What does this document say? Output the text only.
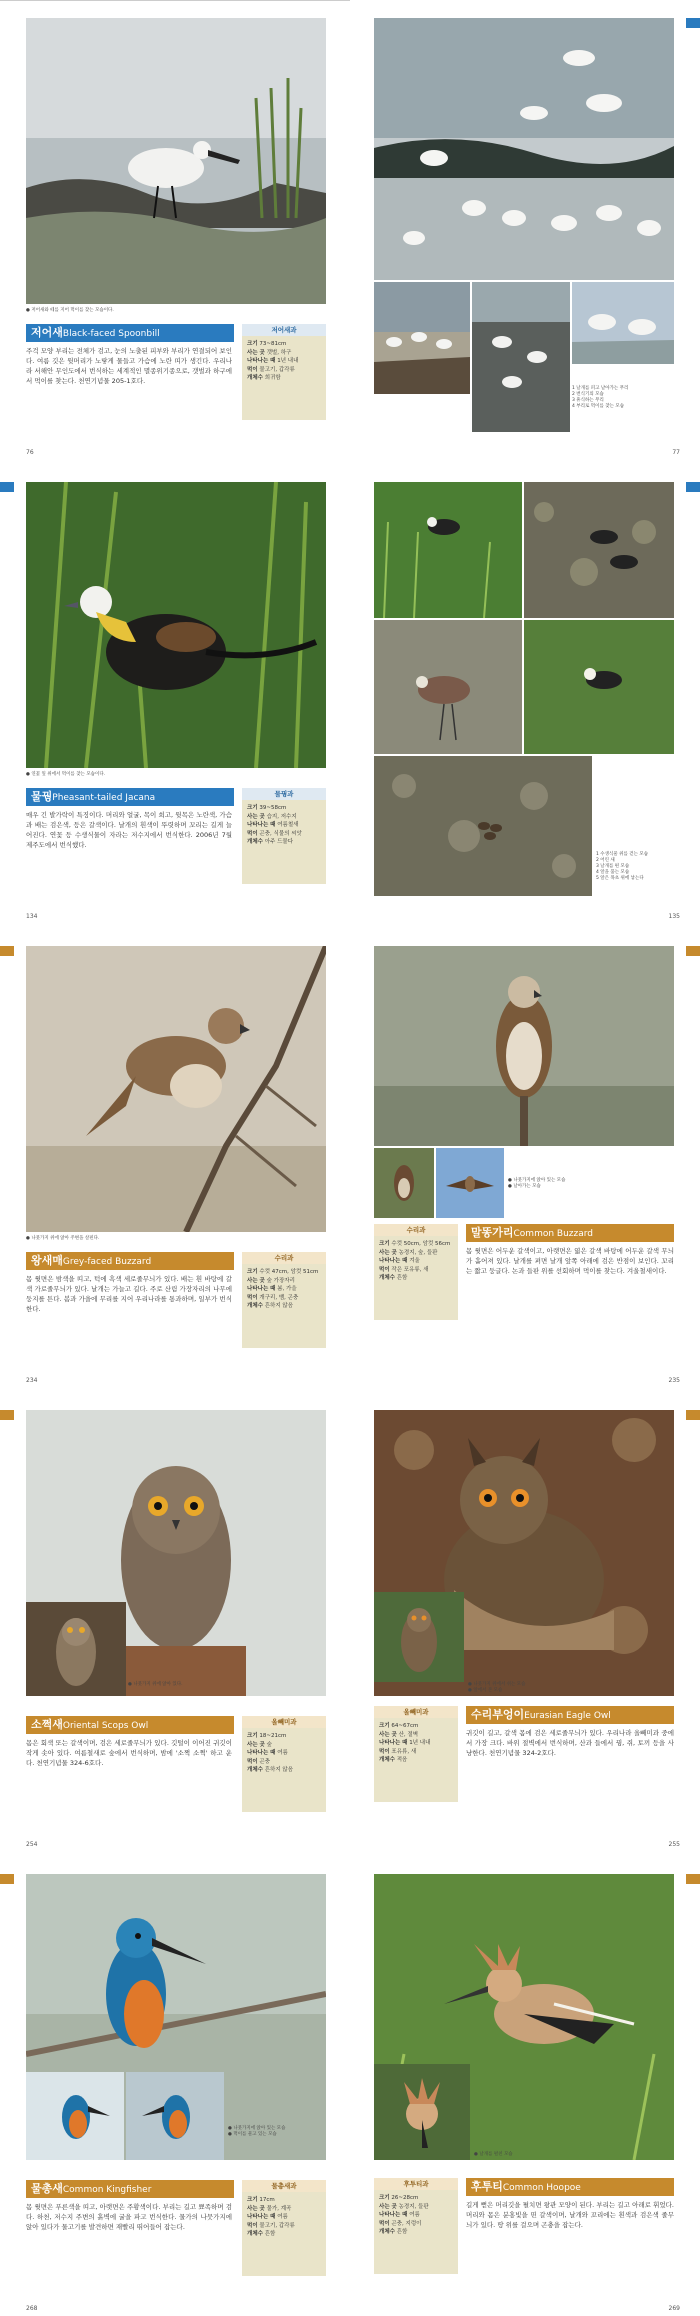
● 저어새와 떼를 지어 먹이를 찾는 모습이다.
저어새Black-faced Spoonbill
주걱 모양 부리는 전체가 검고, 눈의 노출된 피부와 부리가 연결되어 보인다. 여름 깃은 뒷머리가 노랗게 물들고 가슴에 노란 띠가 생긴다. 우리나라 서해안 무인도에서 번식하는 세계적인 멸종위기종으로, 갯벌과 하구에서 먹이를 찾는다. 천연기념물 205-1호다.
저어새과
크기 73~81cm
사는 곳 갯벌, 하구
나타나는 때 1년 내내
먹이 물고기, 갑각류
개체수 희귀함
76
1 날개를 펴고 날아가는 무리
2 번식기의 모습
3 휴식하는 무리
4 부리로 먹이를 찾는 모습
77
● 연꽃 잎 위에서 먹이를 찾는 모습이다.
물꿩Pheasant-tailed Jacana
매우 긴 발가락이 특징이다. 머리와 얼굴, 목이 희고, 뒷목은 노란색, 가슴과 배는 검은색, 등은 갈색이다. 날개의 흰색이 뚜렷하며 꼬리는 길게 늘어진다. 연꽃 등 수생식물이 자라는 저수지에서 번식한다. 2006년 7월 제주도에서 번식했다.
물꿩과
크기 39~58cm
사는 곳 습지, 저수지
나타나는 때 여름철새
먹이 곤충, 식물의 씨앗
개체수 아주 드물다
134
1 수생식물 위를 걷는 모습
2 어린 새
3 날개를 편 모습
4 알을 품는 모습
5 알은 목초 위에 낳는다
135
● 나뭇가지 위에 앉아 주변을 살핀다.
왕새매Grey-faced Buzzard
몸 윗면은 밤색을 띠고, 턱에 흑색 세로줄무늬가 있다. 배는 흰 바탕에 갈색 가로줄무늬가 있다. 날개는 가늘고 길다. 주로 산림 가장자리의 나무에 둥지를 튼다. 봄과 가을에 무리를 지어 우리나라를 통과하며, 일부가 번식한다.
수리과
크기 수컷 47cm, 암컷 51cm
사는 곳 숲 가장자리
나타나는 때 봄, 가을
먹이 개구리, 뱀, 곤충
개체수 흔하지 않음
234
● 나뭇가지에 앉아 있는 모습
● 날아가는 모습
수리과
크기 수컷 50cm, 암컷 56cm
사는 곳 농경지, 숲, 들판
나타나는 때 겨울
먹이 작은 포유류, 새
개체수 흔함
말똥가리Common Buzzard
몸 윗면은 어두운 갈색이고, 아랫면은 엷은 갈색 바탕에 어두운 갈색 무늬가 흩어져 있다. 날개를 펴면 날개 앞쪽 아래에 검은 반점이 보인다. 꼬리는 짧고 둥글다. 논과 들판 위를 선회하며 먹이를 찾는다. 겨울철새이다.
235
● 나뭇가지 위에 앉아 있다.
소쩍새Oriental Scops Owl
몸은 회색 또는 갈색이며, 검은 세로줄무늬가 있다. 깃털이 이어진 귀깃이 작게 솟아 있다. 여름철새로 숲에서 번식하며, 밤에 '소쩍 소쩍' 하고 운다. 천연기념물 324-6호다.
올빼미과
크기 18~21cm
사는 곳 숲
나타나는 때 여름
먹이 곤충
개체수 흔하지 않음
254
● 나뭇가지 위에서 쉬는 모습
● 앞에서 본 모습
올빼미과
크기 64~67cm
사는 곳 산, 절벽
나타나는 때 1년 내내
먹이 포유류, 새
개체수 적음
수리부엉이Eurasian Eagle Owl
귀깃이 길고, 갈색 몸에 검은 세로줄무늬가 있다. 우리나라 올빼미과 중에서 가장 크다. 바위 절벽에서 번식하며, 산과 들에서 꿩, 쥐, 토끼 등을 사냥한다. 천연기념물 324-2호다.
255
● 나뭇가지에 앉아 있는 모습
● 먹이를 물고 있는 모습
물총새Common Kingfisher
몸 윗면은 푸른색을 띠고, 아랫면은 주황색이다. 부리는 길고 뾰족하며 검다. 하천, 저수지 주변의 흙벽에 굴을 파고 번식한다. 물가의 나뭇가지에 앉아 있다가 물고기를 발견하면 재빨리 뛰어들어 잡는다.
물총새과
크기 17cm
사는 곳 물가, 계곡
나타나는 때 여름
먹이 물고기, 갑각류
개체수 흔함
268
● 날개를 펼친 모습
후투티과
크기 26~28cm
사는 곳 농경지, 들판
나타나는 때 여름
먹이 곤충, 지렁이
개체수 흔함
후투티Common Hoopoe
길게 뻗은 머리깃을 펼치면 왕관 모양이 된다. 부리는 길고 아래로 휘었다. 머리와 몸은 분홍빛을 띤 갈색이며, 날개와 꼬리에는 흰색과 검은색 줄무늬가 있다. 땅 위를 걸으며 곤충을 잡는다.
269
